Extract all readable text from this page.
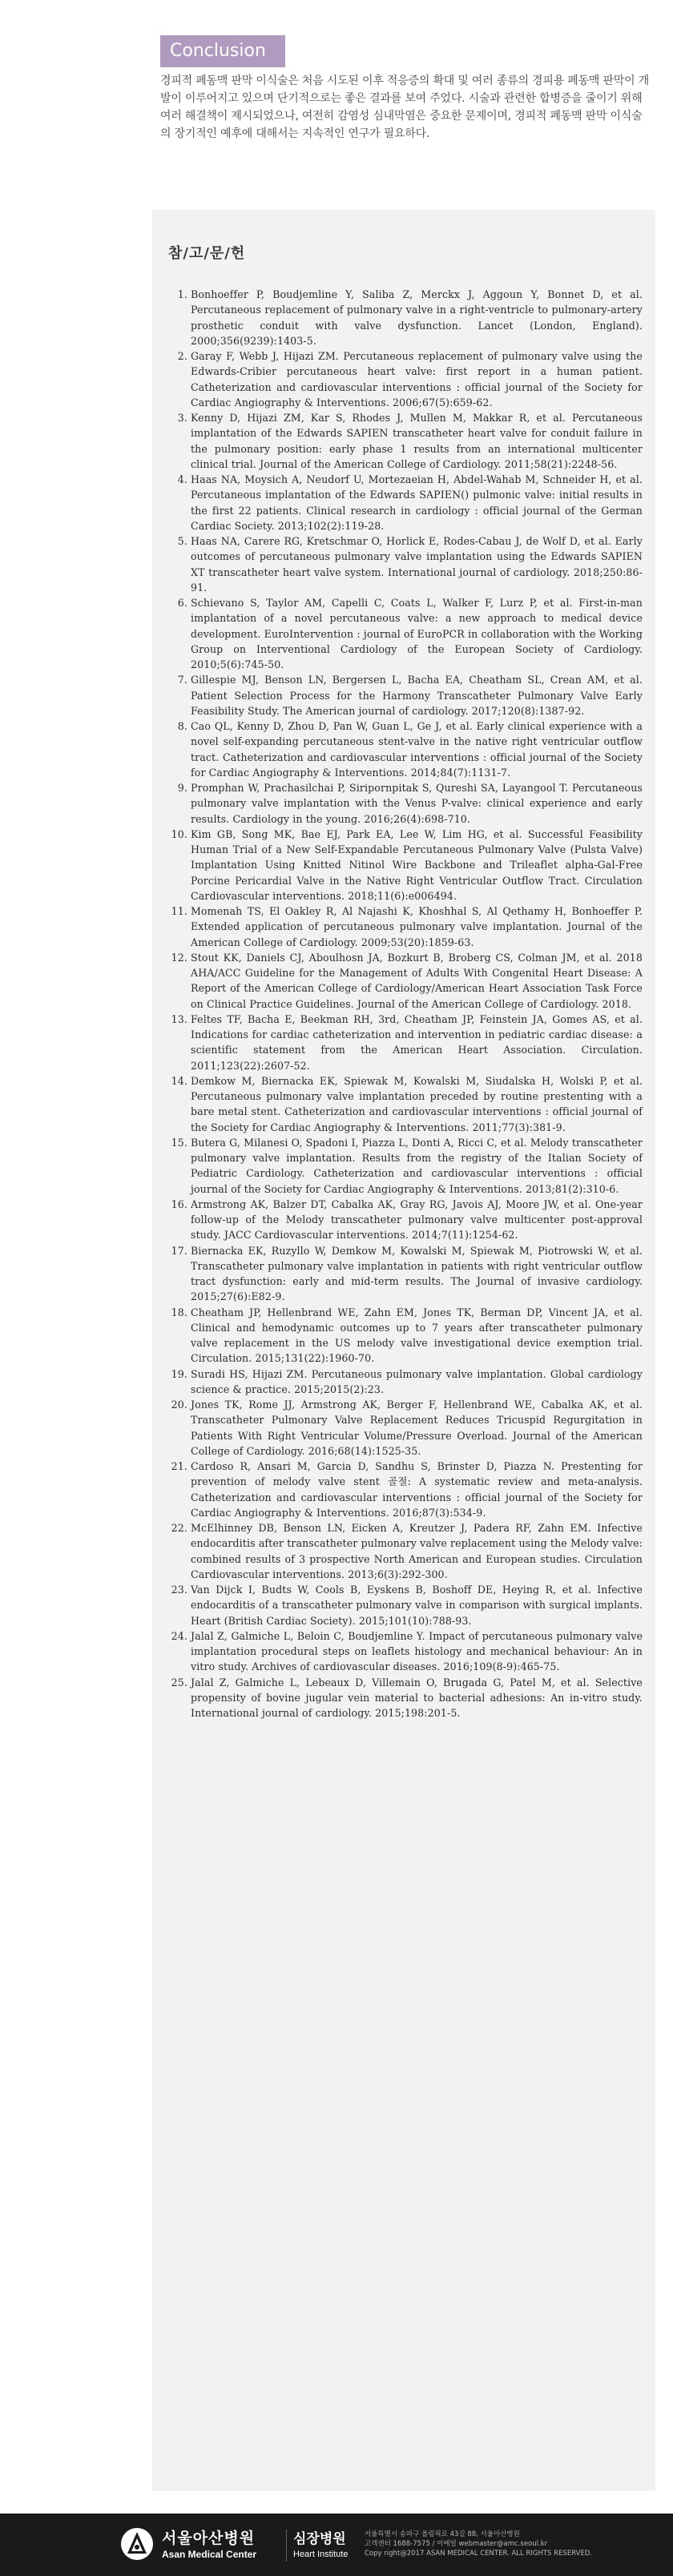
Conclusion
경피적 폐동맥 판막 이식술은 처음 시도된 이후 적응증의 확대 및 여러 종류의 경피용 폐동맥 판막이 개발이 이루어지고 있으며 단기적으로는 좋은 결과를 보여 주었다. 시술과 관련한 합병증을 줄이기 위해 여러 해결책이 제시되었으나, 여전히 감염성 심내막염은 중요한 문제이며, 경피적 폐동맥 판막 이식술의 장기적인 예후에 대해서는 지속적인 연구가 필요하다.
참/고/문/헌
1. Bonhoeffer P, Boudjemline Y, Saliba Z, Merckx J, Aggoun Y, Bonnet D, et al. Percutaneous replacement of pulmonary valve in a right-ventricle to pulmonary-artery prosthetic conduit with valve dysfunction. Lancet (London, England). 2000;356(9239):1403-5.
2. Garay F, Webb J, Hijazi ZM. Percutaneous replacement of pulmonary valve using the Edwards-Cribier percutaneous heart valve: first report in a human patient. Catheterization and cardiovascular interventions : official journal of the Society for Cardiac Angiography & Interventions. 2006;67(5):659-62.
3. Kenny D, Hijazi ZM, Kar S, Rhodes J, Mullen M, Makkar R, et al. Percutaneous implantation of the Edwards SAPIEN transcatheter heart valve for conduit failure in the pulmonary position: early phase 1 results from an international multicenter clinical trial. Journal of the American College of Cardiology. 2011;58(21):2248-56.
4. Haas NA, Moysich A, Neudorf U, Mortezaeian H, Abdel-Wahab M, Schneider H, et al. Percutaneous implantation of the Edwards SAPIEN() pulmonic valve: initial results in the first 22 patients. Clinical research in cardiology : official journal of the German Cardiac Society. 2013;102(2):119-28.
5. Haas NA, Carere RG, Kretschmar O, Horlick E, Rodes-Cabau J, de Wolf D, et al. Early outcomes of percutaneous pulmonary valve implantation using the Edwards SAPIEN XT transcatheter heart valve system. International journal of cardiology. 2018;250:86-91.
6. Schievano S, Taylor AM, Capelli C, Coats L, Walker F, Lurz P, et al. First-in-man implantation of a novel percutaneous valve: a new approach to medical device development. EuroIntervention : journal of EuroPCR in collaboration with the Working Group on Interventional Cardiology of the European Society of Cardiology. 2010;5(6):745-50.
7. Gillespie MJ, Benson LN, Bergersen L, Bacha EA, Cheatham SL, Crean AM, et al. Patient Selection Process for the Harmony Transcatheter Pulmonary Valve Early Feasibility Study. The American journal of cardiology. 2017;120(8):1387-92.
8. Cao QL, Kenny D, Zhou D, Pan W, Guan L, Ge J, et al. Early clinical experience with a novel self-expanding percutaneous stent-valve in the native right ventricular outflow tract. Catheterization and cardiovascular interventions : official journal of the Society for Cardiac Angiography & Interventions. 2014;84(7):1131-7.
9. Promphan W, Prachasilchai P, Siripornpitak S, Qureshi SA, Layangool T. Percutaneous pulmonary valve implantation with the Venus P-valve: clinical experience and early results. Cardiology in the young. 2016;26(4):698-710.
10. Kim GB, Song MK, Bae EJ, Park EA, Lee W, Lim HG, et al. Successful Feasibility Human Trial of a New Self-Expandable Percutaneous Pulmonary Valve (Pulsta Valve) Implantation Using Knitted Nitinol Wire Backbone and Trileaflet alpha-Gal-Free Porcine Pericardial Valve in the Native Right Ventricular Outflow Tract. Circulation Cardiovascular interventions. 2018;11(6):e006494.
11. Momenah TS, El Oakley R, Al Najashi K, Khoshhal S, Al Qethamy H, Bonhoeffer P. Extended application of percutaneous pulmonary valve implantation. Journal of the American College of Cardiology. 2009;53(20):1859-63.
12. Stout KK, Daniels CJ, Aboulhosn JA, Bozkurt B, Broberg CS, Colman JM, et al. 2018 AHA/ACC Guideline for the Management of Adults With Congenital Heart Disease: A Report of the American College of Cardiology/American Heart Association Task Force on Clinical Practice Guidelines. Journal of the American College of Cardiology. 2018.
13. Feltes TF, Bacha E, Beekman RH, 3rd, Cheatham JP, Feinstein JA, Gomes AS, et al. Indications for cardiac catheterization and intervention in pediatric cardiac disease: a scientific statement from the American Heart Association. Circulation. 2011;123(22):2607-52.
14. Demkow M, Biernacka EK, Spiewak M, Kowalski M, Siudalska H, Wolski P, et al. Percutaneous pulmonary valve implantation preceded by routine prestenting with a bare metal stent. Catheterization and cardiovascular interventions : official journal of the Society for Cardiac Angiography & Interventions. 2011;77(3):381-9.
15. Butera G, Milanesi O, Spadoni I, Piazza L, Donti A, Ricci C, et al. Melody transcatheter pulmonary valve implantation. Results from the registry of the Italian Society of Pediatric Cardiology. Catheterization and cardiovascular interventions : official journal of the Society for Cardiac Angiography & Interventions. 2013;81(2):310-6.
16. Armstrong AK, Balzer DT, Cabalka AK, Gray RG, Javois AJ, Moore JW, et al. One-year follow-up of the Melody transcatheter pulmonary valve multicenter post-approval study. JACC Cardiovascular interventions. 2014;7(11):1254-62.
17. Biernacka EK, Ruzyllo W, Demkow M, Kowalski M, Spiewak M, Piotrowski W, et al. Transcatheter pulmonary valve implantation in patients with right ventricular outflow tract dysfunction: early and mid-term results. The Journal of invasive cardiology. 2015;27(6):E82-9.
18. Cheatham JP, Hellenbrand WE, Zahn EM, Jones TK, Berman DP, Vincent JA, et al. Clinical and hemodynamic outcomes up to 7 years after transcatheter pulmonary valve replacement in the US melody valve investigational device exemption trial. Circulation. 2015;131(22):1960-70.
19. Suradi HS, Hijazi ZM. Percutaneous pulmonary valve implantation. Global cardiology science & practice. 2015;2015(2):23.
20. Jones TK, Rome JJ, Armstrong AK, Berger F, Hellenbrand WE, Cabalka AK, et al. Transcatheter Pulmonary Valve Replacement Reduces Tricuspid Regurgitation in Patients With Right Ventricular Volume/Pressure Overload. Journal of the American College of Cardiology. 2016;68(14):1525-35.
21. Cardoso R, Ansari M, Garcia D, Sandhu S, Brinster D, Piazza N. Prestenting for prevention of melody valve stent 골절: A systematic review and meta-analysis. Catheterization and cardiovascular interventions : official journal of the Society for Cardiac Angiography & Interventions. 2016;87(3):534-9.
22. McElhinney DB, Benson LN, Eicken A, Kreutzer J, Padera RF, Zahn EM. Infective endocarditis after transcatheter pulmonary valve replacement using the Melody valve: combined results of 3 prospective North American and European studies. Circulation Cardiovascular interventions. 2013;6(3):292-300.
23. Van Dijck I, Budts W, Cools B, Eyskens B, Boshoff DE, Heying R, et al. Infective endocarditis of a transcatheter pulmonary valve in comparison with surgical implants. Heart (British Cardiac Society). 2015;101(10):788-93.
24. Jalal Z, Galmiche L, Beloin C, Boudjemline Y. Impact of percutaneous pulmonary valve implantation procedural steps on leaflets histology and mechanical behaviour: An in vitro study. Archives of cardiovascular diseases. 2016;109(8-9):465-75.
25. Jalal Z, Galmiche L, Lebeaux D, Villemain O, Brugada G, Patel M, et al. Selective propensity of bovine jugular vein material to bacterial adhesions: An in-vitro study. International journal of cardiology. 2015;198:201-5.
서울아산병원
Asan Medical Center
심장병원
Heart Institute
서울특별시 송파구 올림픽로 43길 88, 서울아산병원
고객센터 1688-7575 / 이메일 webmaster@amc.seoul.kr
Copy right@2017 ASAN MEDICAL CENTER. ALL RIGHTS RESERVED.
